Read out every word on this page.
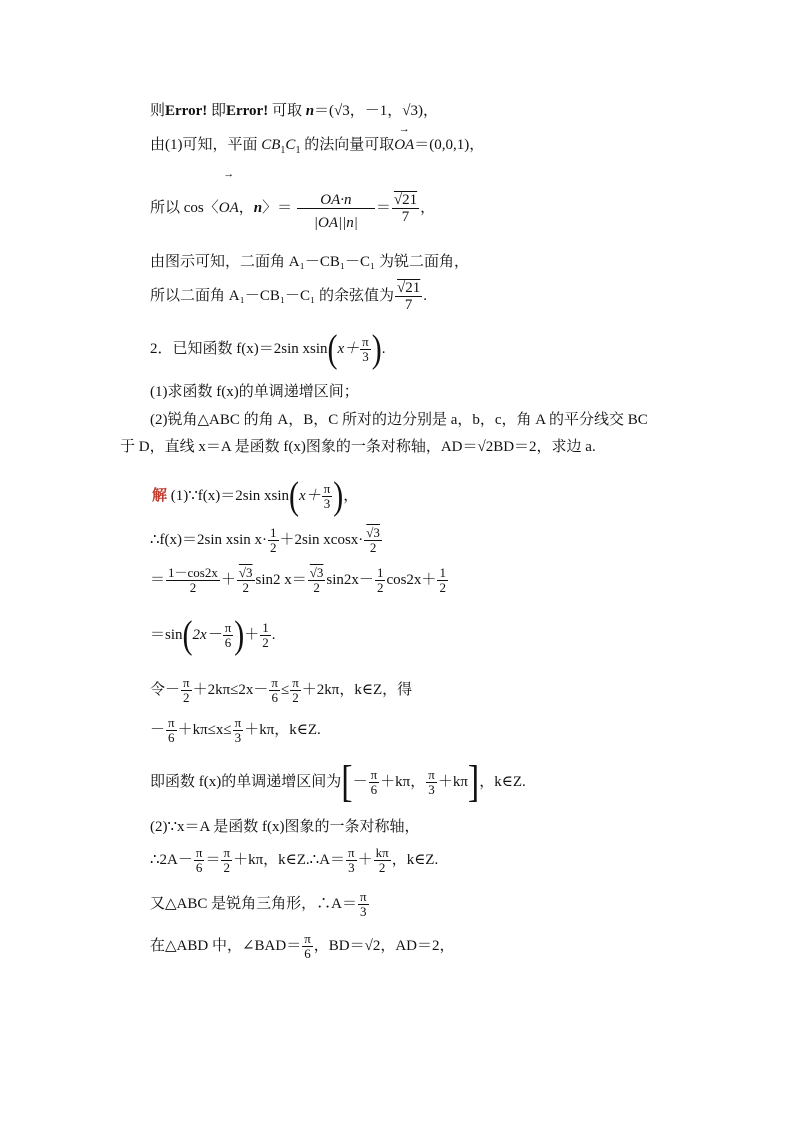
则Error! 即Error! 可取 n＝(√3，－1，√3)，
由(1)可知，平面 $CB_1C_1$ 的法向量可取→ OA＝(0,0,1)，
所以 cos〈→ OA，n〉＝ $\frac{OA\cdot n}{|OA||n|} = \frac{√21}{7}$ ，
由图示可知，二面角 A₁－CB₁－C₁ 为锐二面角，
所以二面角 A₁－CB₁－C₁ 的余弦值为 $\frac{√21}{7}$ .
2．已知函数 f(x)＝2sin $xsin(x+ \frac{\pi}{3}$ ).
(1)求函数 f(x)的单调递增区间；
(2)锐角△ABC 的角 A，B，C 所对的边分别是 a，b，c，角 A 的平分线交 BC
于 D，直线 x＝A 是函数 f(x)图象的一条对称轴，AD＝√2BD＝2，求边 a.
解 (1)∵f(x)＝2sin $xsin(x+ \frac{\pi}{3}$ )，
∴f(x)＝2sin xsin $x\cdot \frac{1}{2} +2\sin$ $xcosx\cdot \frac{√3}{2}$
＝ $\frac{1-\cos 2x}{2} + \frac{√3}{2} \sin 2$ $x= \frac{√3}{2} \sin 2x- \frac{1}{2} \cos 2x+ \frac{1}{2}$
$=\sin(2x- \frac{\pi}{6}$ )＋ $\frac{1}{2}$ .
令－ $\frac{\pi}{2} +2k\pi\le 2x- \frac{\pi}{6} \le \frac{\pi}{2} +2k\pi$，k∈Z，得
－ $\frac{\pi}{6} +k\pi\le x\le \frac{\pi}{3} +k\pi$，k∈Z.
即函数 f(x)的单调递增区间为[－ $\frac{\pi}{6} +k\pi$， $\frac{\pi}{3} +k\pi$]，k∈Z.
(2)∵x＝A 是函数 f(x)图象的一条对称轴，
∴2A－ $\frac{\pi}{6} = \frac{\pi}{2} +k\pi$，k∈Z.∴A＝ $\frac{\pi}{3} + \frac{k\pi}{2}$ ，k∈Z.
又△ABC 是锐角三角形，∴A＝ $\frac{\pi}{3}$
在△ABD 中，∠BAD＝ $\frac{\pi}{6}$ ，BD＝√2，AD＝2，
